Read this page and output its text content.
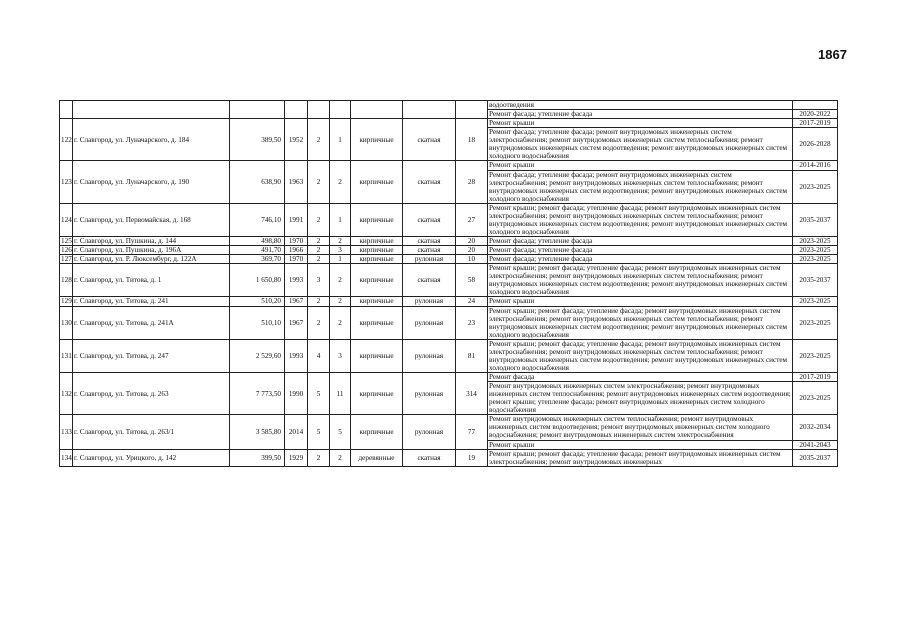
1867
									водоотведения	
									Ремонт фасада; утепление фасада	2020-2022
122	г. Славгород, ул. Луначарского, д. 184	389,50	1952	2	1	кирпичные	скатная	18	Ремонт крыши	2017-2019
									Ремонт фасада; утепление фасада; ремонт внутридомовых инженерных систем электроснабжения; ремонт внутридомовых инженерных систем теплоснабжения; ремонт внутридомовых инженерных систем водоотведения; ремонт внутридомовых инженерных систем холодного водоснабжения	2026-2028
123	г. Славгород, ул. Луначарского, д. 190	638,90	1963	2	2	кирпичные	скатная	28	Ремонт крыши	2014-2016
									Ремонт фасада; утепление фасада; ремонт внутридомовых инженерных систем электроснабжения; ремонт внутридомовых инженерных систем теплоснабжения; ремонт внутридомовых инженерных систем водоотведения; ремонт внутридомовых инженерных систем холодного водоснабжения	2023-2025
124	г. Славгород, ул. Первомайская, д. 168	746,10	1991	2	1	кирпичные	скатная	27	Ремонт крыши; ремонт фасада; утепление фасада; ремонт внутридомовых инженерных систем электроснабжения; ремонт внутридомовых инженерных систем теплоснабжения; ремонт внутридомовых инженерных систем водоотведения; ремонт внутридомовых инженерных систем холодного водоснабжения	2035-2037
125	г. Славгород, ул. Пушкина, д. 144	498,80	1970	2	2	кирпичные	скатная	20	Ремонт фасада; утепление фасада	2023-2025
126	г. Славгород, ул. Пушкина, д. 196А	491,70	1966	2	3	кирпичные	скатная	20	Ремонт фасада; утепление фасада	2023-2025
127	г. Славгород, ул. Р. Люксембург, д. 122А	369,70	1970	2	1	кирпичные	рулонная	10	Ремонт фасада; утепление фасада	2023-2025
128	г. Славгород, ул. Титова, д. 1	1 650,80	1993	3	2	кирпичные	скатная	58	Ремонт крыши; ремонт фасада; утепление фасада; ремонт внутридомовых инженерных систем электроснабжения; ремонт внутридомовых инженерных систем теплоснабжения; ремонт внутридомовых инженерных систем водоотведения; ремонт внутридомовых инженерных систем холодного водоснабжения	2035-2037
129	г. Славгород, ул. Титова, д. 241	510,20	1967	2	2	кирпичные	рулонная	24	Ремонт крыши	2023-2025
130	г. Славгород, ул. Титова, д. 241А	510,10	1967	2	2	кирпичные	рулонная	23	Ремонт крыши; ремонт фасада; утепление фасада; ремонт внутридомовых инженерных систем электроснабжения; ремонт внутридомовых инженерных систем теплоснабжения; ремонт внутридомовых инженерных систем водоотведения; ремонт внутридомовых инженерных систем холодного водоснабжения	2023-2025
131	г. Славгород, ул. Титова, д. 247	2 529,60	1993	4	3	кирпичные	рулонная	81	Ремонт крыши; ремонт фасада; утепление фасада; ремонт внутридомовых инженерных систем электроснабжения; ремонт внутридомовых инженерных систем теплоснабжения; ремонт внутридомовых инженерных систем водоотведения; ремонт внутридомовых инженерных систем холодного водоснабжения	2023-2025
132	г. Славгород, ул. Титова, д. 263	7 773,50	1990	5	11	кирпичные	рулонная	314	Ремонт фасада	2017-2019
									Ремонт внутридомовых инженерных систем электроснабжения; ремонт внутридомовых инженерных систем теплоснабжения; ремонт внутридомовых инженерных систем водоотведения; ремонт крыши; утепление фасада; ремонт внутридомовых инженерных систем холодного водоснабжения	2023-2025
133	г. Славгород, ул. Титова, д. 263/1	3 585,80	2014	5	5	кирпичные	рулонная	77	Ремонт внутридомовых инженерных систем теплоснабжения; ремонт внутридомовых инженерных систем водоотведения; ремонт внутридомовых инженерных систем холодного водоснабжения; ремонт внутридомовых инженерных систем электроснабжения	2032-2034
									Ремонт крыши	2041-2043
134	г. Славгород, ул. Урицкого, д. 142	399,50	1929	2	2	деревянные	скатная	19	Ремонт крыши; ремонт фасада; утепление фасада; ремонт внутридомовых инженерных систем электроснабжения; ремонт внутридомовых инженерных	2035-2037
